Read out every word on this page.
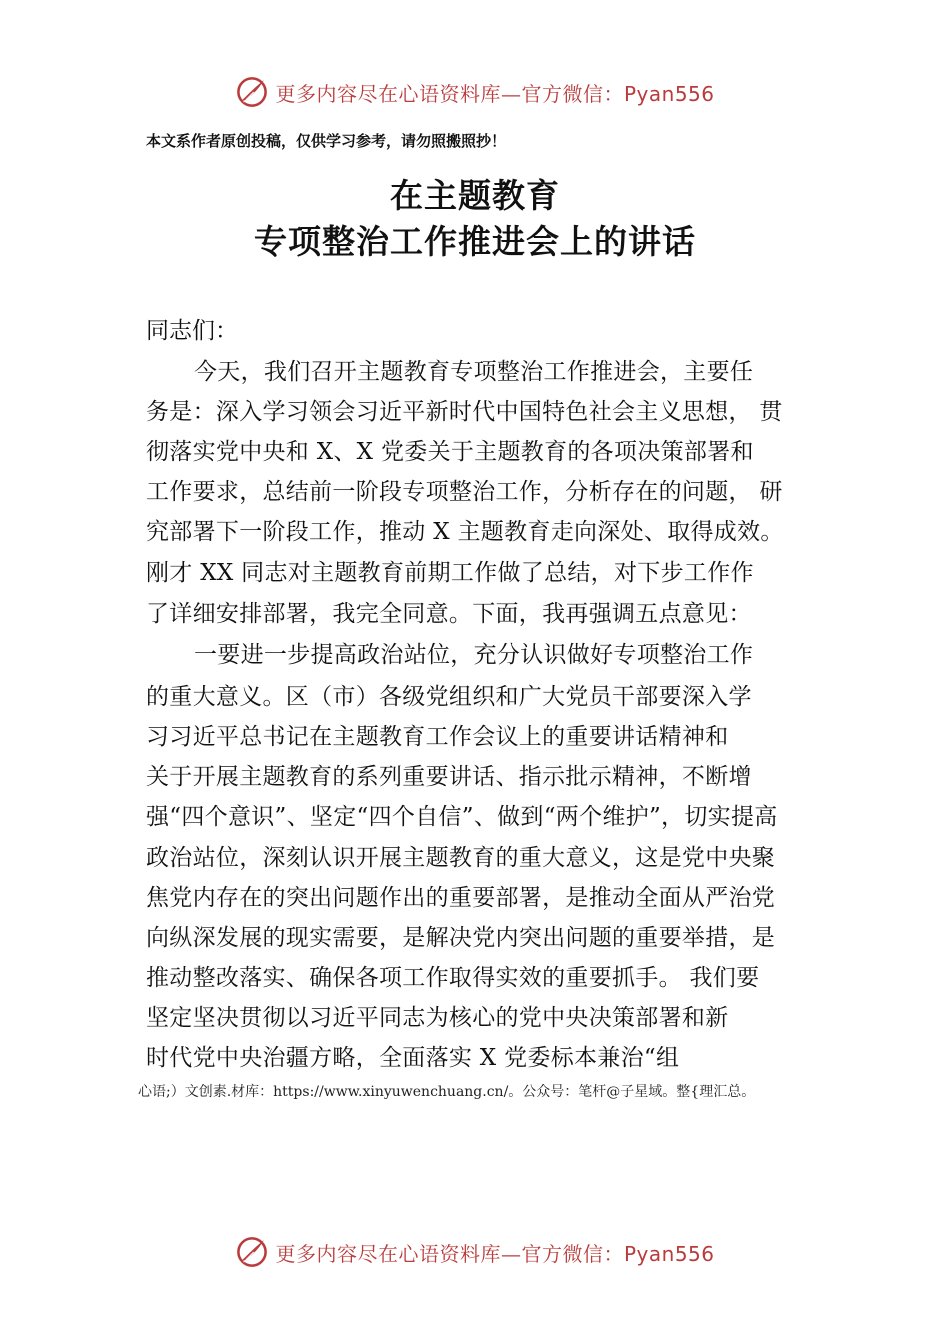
更多内容尽在心语资料库—官方微信：Pyan556
本文系作者原创投稿，仅供学习参考，请勿照搬照抄！
在主题教育
专项整治工作推进会上的讲话
同志们：
今天，我们召开主题教育专项整治工作推进会，主要任
务是：深入学习领会习近平新时代中国特色社会主义思想， 贯
彻落实党中央和 X、X 党委关于主题教育的各项决策部署和
工作要求，总结前一阶段专项整治工作，分析存在的问题， 研
究部署下一阶段工作，推动 X 主题教育走向深处、取得成效。
刚才 XX 同志对主题教育前期工作做了总结，对下步工作作
了详细安排部署，我完全同意。下面，我再强调五点意见：
一要进一步提高政治站位，充分认识做好专项整治工作
的重大意义。区（市）各级党组织和广大党员干部要深入学
习习近平总书记在主题教育工作会议上的重要讲话精神和
关于开展主题教育的系列重要讲话、指示批示精神，不断增
强“四个意识”、坚定“四个自信”、做到“两个维护”，切实提高
政治站位，深刻认识开展主题教育的重大意义，这是党中央聚
焦党内存在的突出问题作出的重要部署，是推动全面从严治党
向纵深发展的现实需要，是解决党内突出问题的重要举措，是
推动整改落实、确保各项工作取得实效的重要抓手。 我们要
坚定坚决贯彻以习近平同志为核心的党中央决策部署和新
时代党中央治疆方略，全面落实 X 党委标本兼治“组
心语;）文创素.材库：https://www.xinyuwenchuang.cn/。公众号：笔杆@子星域。整{理汇总。
更多内容尽在心语资料库—官方微信：Pyan556
